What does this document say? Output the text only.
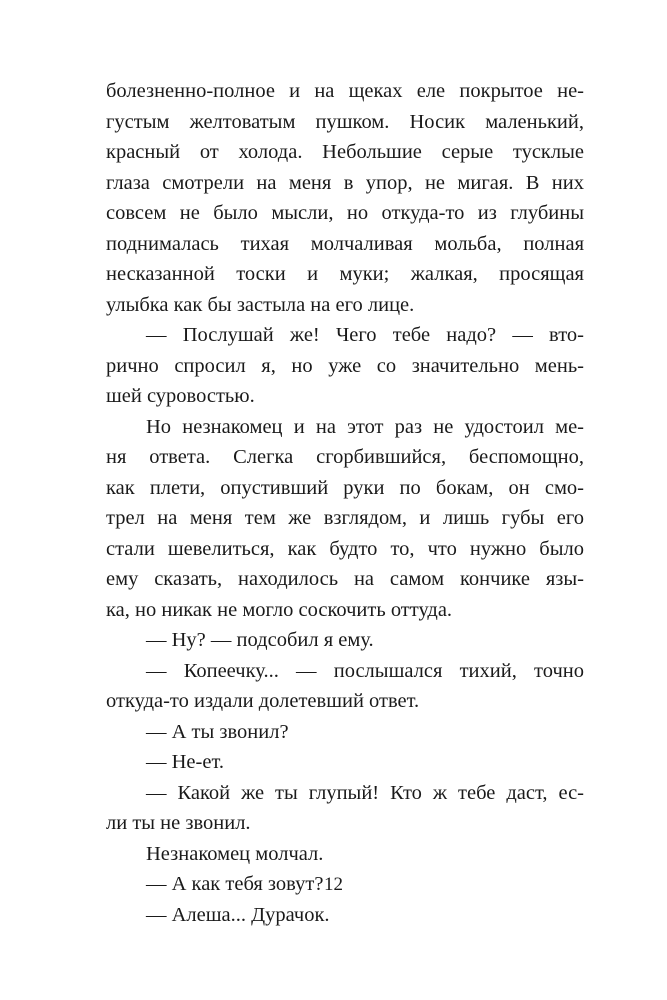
болезненно-полное и на щеках еле покрытое не-
густым желтоватым пушком. Носик маленький,
красный от холода. Небольшие серые тусклые
глаза смотрели на меня в упор, не мигая. В них
совсем не было мысли, но откуда-то из глубины
поднималась тихая молчаливая мольба, полная
несказанной тоски и муки; жалкая, просящая
улыбка как бы застыла на его лице.
— Послушай же! Чего тебе надо? — вто-
рично спросил я, но уже со значительно мень-
шей суровостью.
Но незнакомец и на этот раз не удостоил ме-
ня ответа. Слегка сгорбившийся, беспомощно,
как плети, опустивший руки по бокам, он смо-
трел на меня тем же взглядом, и лишь губы его
стали шевелиться, как будто то, что нужно было
ему сказать, находилось на самом кончике язы-
ка, но никак не могло соскочить оттуда.
— Ну? — подсобил я ему.
— Копеечку... — послышался тихий, точно
откуда-то издали долетевший ответ.
— А ты звонил?
— Не-ет.
— Какой же ты глупый! Кто ж тебе даст, ес-
ли ты не звонил.
Незнакомец молчал.
— А как тебя зовут?
— Алеша... Дурачок.
12
